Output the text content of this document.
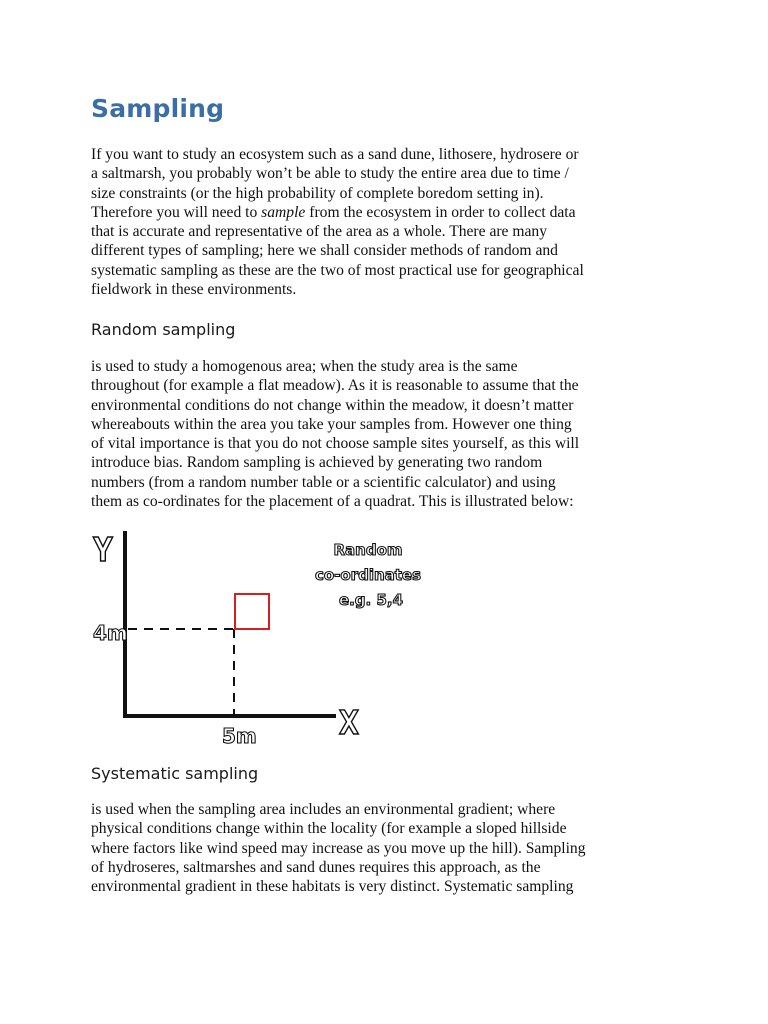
Sampling
If you want to study an ecosystem such as a sand dune, lithosere, hydrosere or
a saltmarsh, you probably won’t be able to study the entire area due to time /
size constraints (or the high probability of complete boredom setting in).
Therefore you will need to sample from the ecosystem in order to collect data
that is accurate and representative of the area as a whole. There are many
different types of sampling; here we shall consider methods of random and
systematic sampling as these are the two of most practical use for geographical
fieldwork in these environments.
Random sampling
is used to study a homogenous area; when the study area is the same
throughout (for example a flat meadow). As it is reasonable to assume that the
environmental conditions do not change within the meadow, it doesn’t matter
whereabouts within the area you take your samples from. However one thing
of vital importance is that you do not choose sample sites yourself, as this will
introduce bias. Random sampling is achieved by generating two random
numbers (from a random number table or a scientific calculator) and using
them as co-ordinates for the placement of a quadrat. This is illustrated below:
Y
X
4m
5m
Random
co-ordinates
e.g. 5,4
Systematic sampling
is used when the sampling area includes an environmental gradient; where
physical conditions change within the locality (for example a sloped hillside
where factors like wind speed may increase as you move up the hill). Sampling
of hydroseres, saltmarshes and sand dunes requires this approach, as the
environmental gradient in these habitats is very distinct. Systematic sampling
